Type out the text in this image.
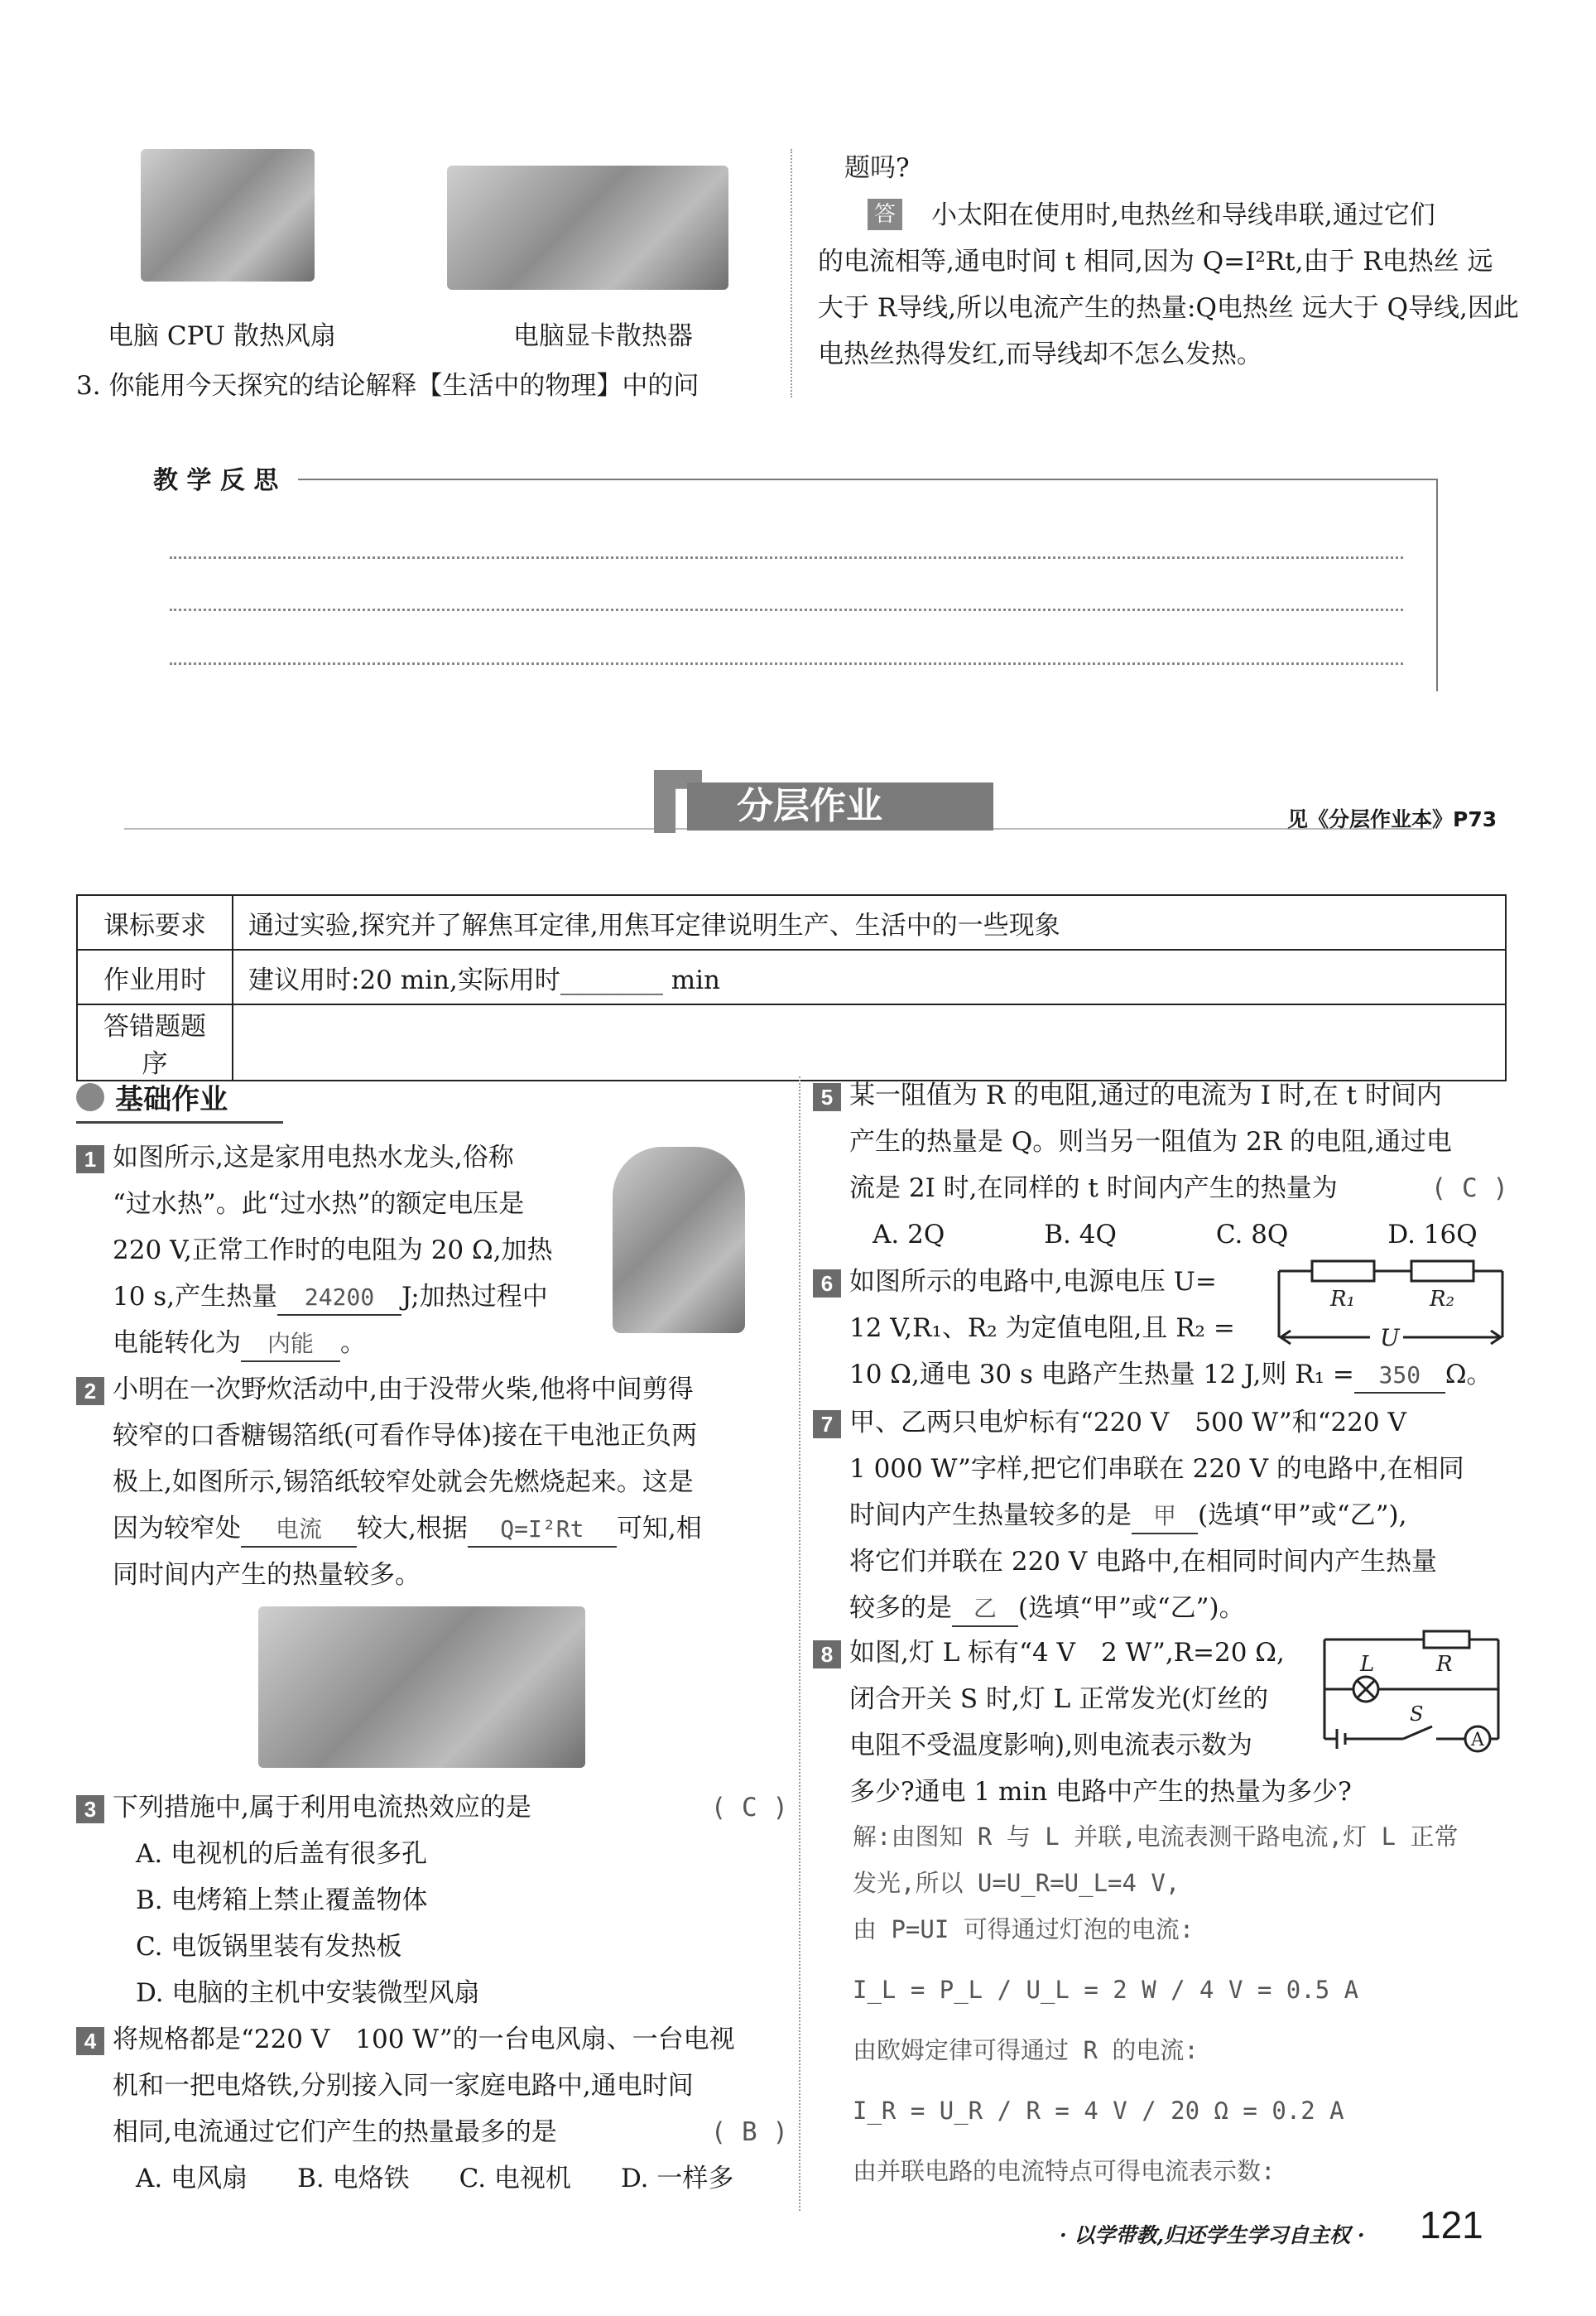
电脑 CPU 散热风扇	电脑显卡散热器
3. 你能用今天探究的结论解释【生活中的物理】中的问
题吗?
答 小太阳在使用时,电热丝和导线串联,通过它们
的电流相等,通电时间 t 相同,因为 Q=I²Rt,由于 R电热丝 远
大于 R导线,所以电流产生的热量:Q电热丝 远大于 Q导线,因此
电热丝热得发红,而导线却不怎么发热。
教 学 反 思
分层作业	见《分层作业本》P73
课标要求	通过实验,探究并了解焦耳定律,用焦耳定律说明生产、生活中的一些现象
作业用时	建议用时:20 min,实际用时________ min
答错题题序	
基础作业
1 如图所示,这是家用电热水龙头,俗称
“过水热”。此“过水热”的额定电压是
220 V,正常工作时的电阻为 20 Ω,加热
10 s,产生热量 24200 J;加热过程中
电能转化为 内能 。
2 小明在一次野炊活动中,由于没带火柴,他将中间剪得
较窄的口香糖锡箔纸(可看作导体)接在干电池正负两
极上,如图所示,锡箔纸较窄处就会先燃烧起来。这是
因为较窄处 电流 较大,根据 Q=I²Rt 可知,相
同时间内产生的热量较多。
3 下列措施中,属于利用电流热效应的是	( C )
A. 电视机的后盖有很多孔
B. 电烤箱上禁止覆盖物体
C. 电饭锅里装有发热板
D. 电脑的主机中安装微型风扇
4 将规格都是“220 V　100 W”的一台电风扇、一台电视
机和一把电烙铁,分别接入同一家庭电路中,通电时间
相同,电流通过它们产生的热量最多的是	( B )
A. 电风扇 B. 电烙铁 C. 电视机 D. 一样多
5 某一阻值为 R 的电阻,通过的电流为 I 时,在 t 时间内
产生的热量是 Q。则当另一阻值为 2R 的电阻,通过电
流是 2I 时,在同样的 t 时间内产生的热量为	( C )
A. 2Q	B. 4Q	C. 8Q	D. 16Q
6 如图所示的电路中,电源电压 U=
12 V,R₁、R₂ 为定值电阻,且 R₂ =
10 Ω,通电 30 s 电路产生热量 12 J,则 R₁ = 350 Ω。
R₁	R₂
U
7 甲、乙两只电炉标有“220 V　500 W”和“220 V
1 000 W”字样,把它们串联在 220 V 的电路中,在相同
时间内产生热量较多的是 甲 (选填“甲”或“乙”),
将它们并联在 220 V 电路中,在相同时间内产生热量
较多的是 乙 (选填“甲”或“乙”)。
8 如图,灯 L 标有“4 V　2 W”,R=20 Ω,
闭合开关 S 时,灯 L 正常发光(灯丝的
电阻不受温度影响),则电流表示数为
多少?通电 1 min 电路中产生的热量为多少?
L	R
S
A
解:由图知 R 与 L 并联,电流表测干路电流,灯 L 正常
发光,所以 U=U_R=U_L=4 V,
由 P=UI 可得通过灯泡的电流:
I_L = P_L / U_L = 2 W / 4 V = 0.5 A
由欧姆定律可得通过 R 的电流:
I_R = U_R / R = 4 V / 20 Ω = 0.2 A
由并联电路的电流特点可得电流表示数:
· 以学带教,归还学生学习自主权 · 121
